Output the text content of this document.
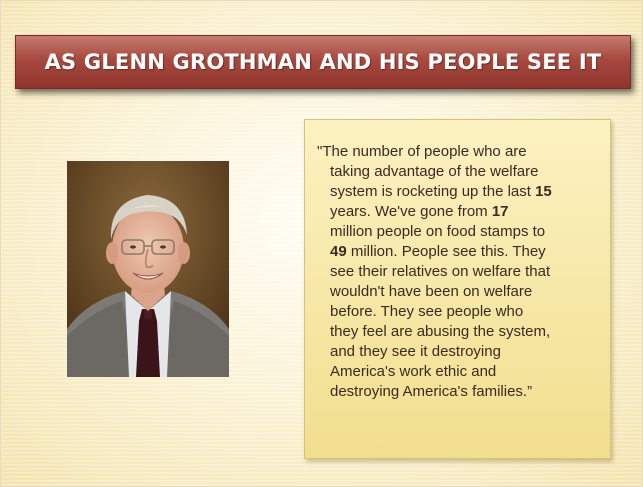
AS GLENN GROTHMAN AND HIS PEOPLE SEE IT

"The number of people who are
taking advantage of the welfare
system is rocketing up the last 15
years. We've gone from 17
million people on food stamps to
49 million. People see this. They
see their relatives on welfare that
wouldn't have been on welfare
before. They see people who
they feel are abusing the system,
and they see it destroying
America's work ethic and
destroying America's families.”
